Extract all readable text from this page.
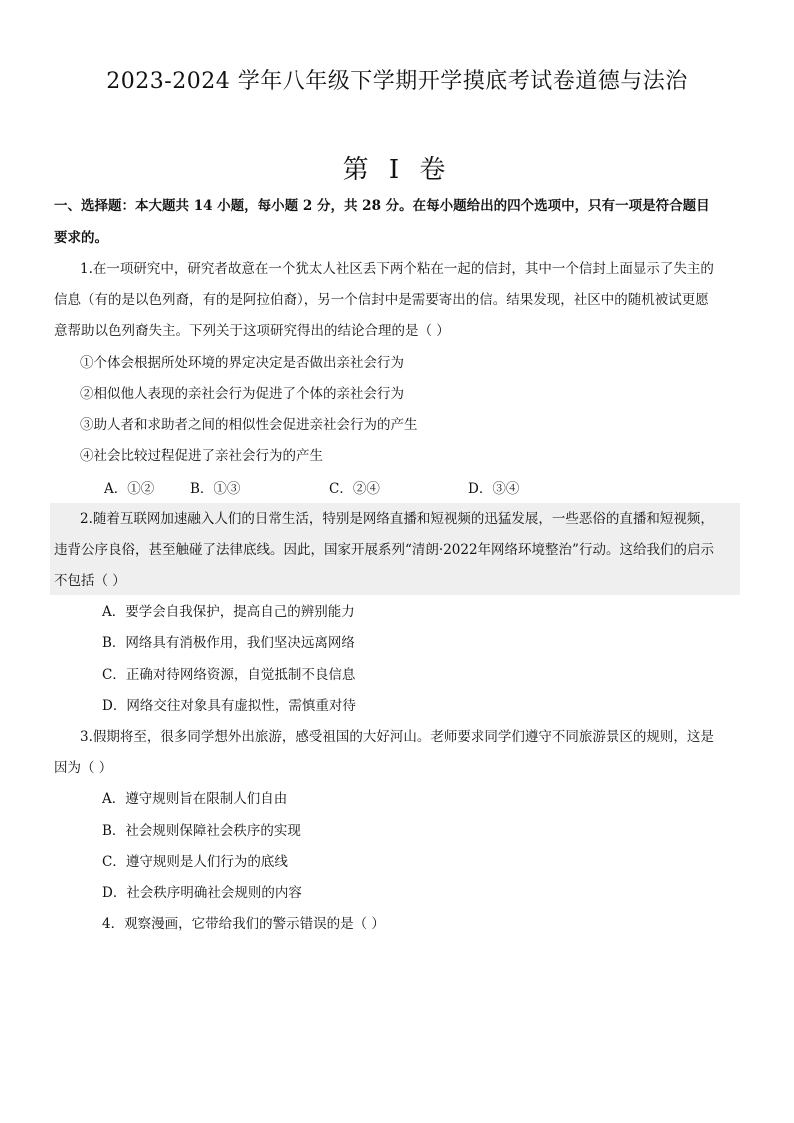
2023-2024 学年八年级下学期开学摸底考试卷道德与法治
第 I 卷
一、选择题：本大题共 14 小题，每小题 2 分，共 28 分。在每小题给出的四个选项中，只有一项是符合题目
要求的。
1.在一项研究中，研究者故意在一个犹太人社区丢下两个粘在一起的信封，其中一个信封上面显示了失主的
信息（有的是以色列裔，有的是阿拉伯裔），另一个信封中是需要寄出的信。结果发现，社区中的随机被试更愿
意帮助以色列裔失主。下列关于这项研究得出的结论合理的是（ ）
①个体会根据所处环境的界定决定是否做出亲社会行为
②相似他人表现的亲社会行为促进了个体的亲社会行为
③助人者和求助者之间的相似性会促进亲社会行为的产生
④社会比较过程促进了亲社会行为的产生
A．①②	B．①③	C．②④	D．③④
2.随着互联网加速融入人们的日常生活，特别是网络直播和短视频的迅猛发展，一些恶俗的直播和短视频，
违背公序良俗，甚至触碰了法律底线。因此，国家开展系列“清朗·2022年网络环境整治”行动。这给我们的启示
不包括（ ）
A．要学会自我保护，提高自己的辨别能力
B．网络具有消极作用，我们坚决远离网络
C．正确对待网络资源，自觉抵制不良信息
D．网络交往对象具有虚拟性，需慎重对待
3.假期将至，很多同学想外出旅游，感受祖国的大好河山。老师要求同学们遵守不同旅游景区的规则，这是
因为（ ）
A．遵守规则旨在限制人们自由
B．社会规则保障社会秩序的实现
C．遵守规则是人们行为的底线
D．社会秩序明确社会规则的内容
4．观察漫画，它带给我们的警示错误的是（ ）
